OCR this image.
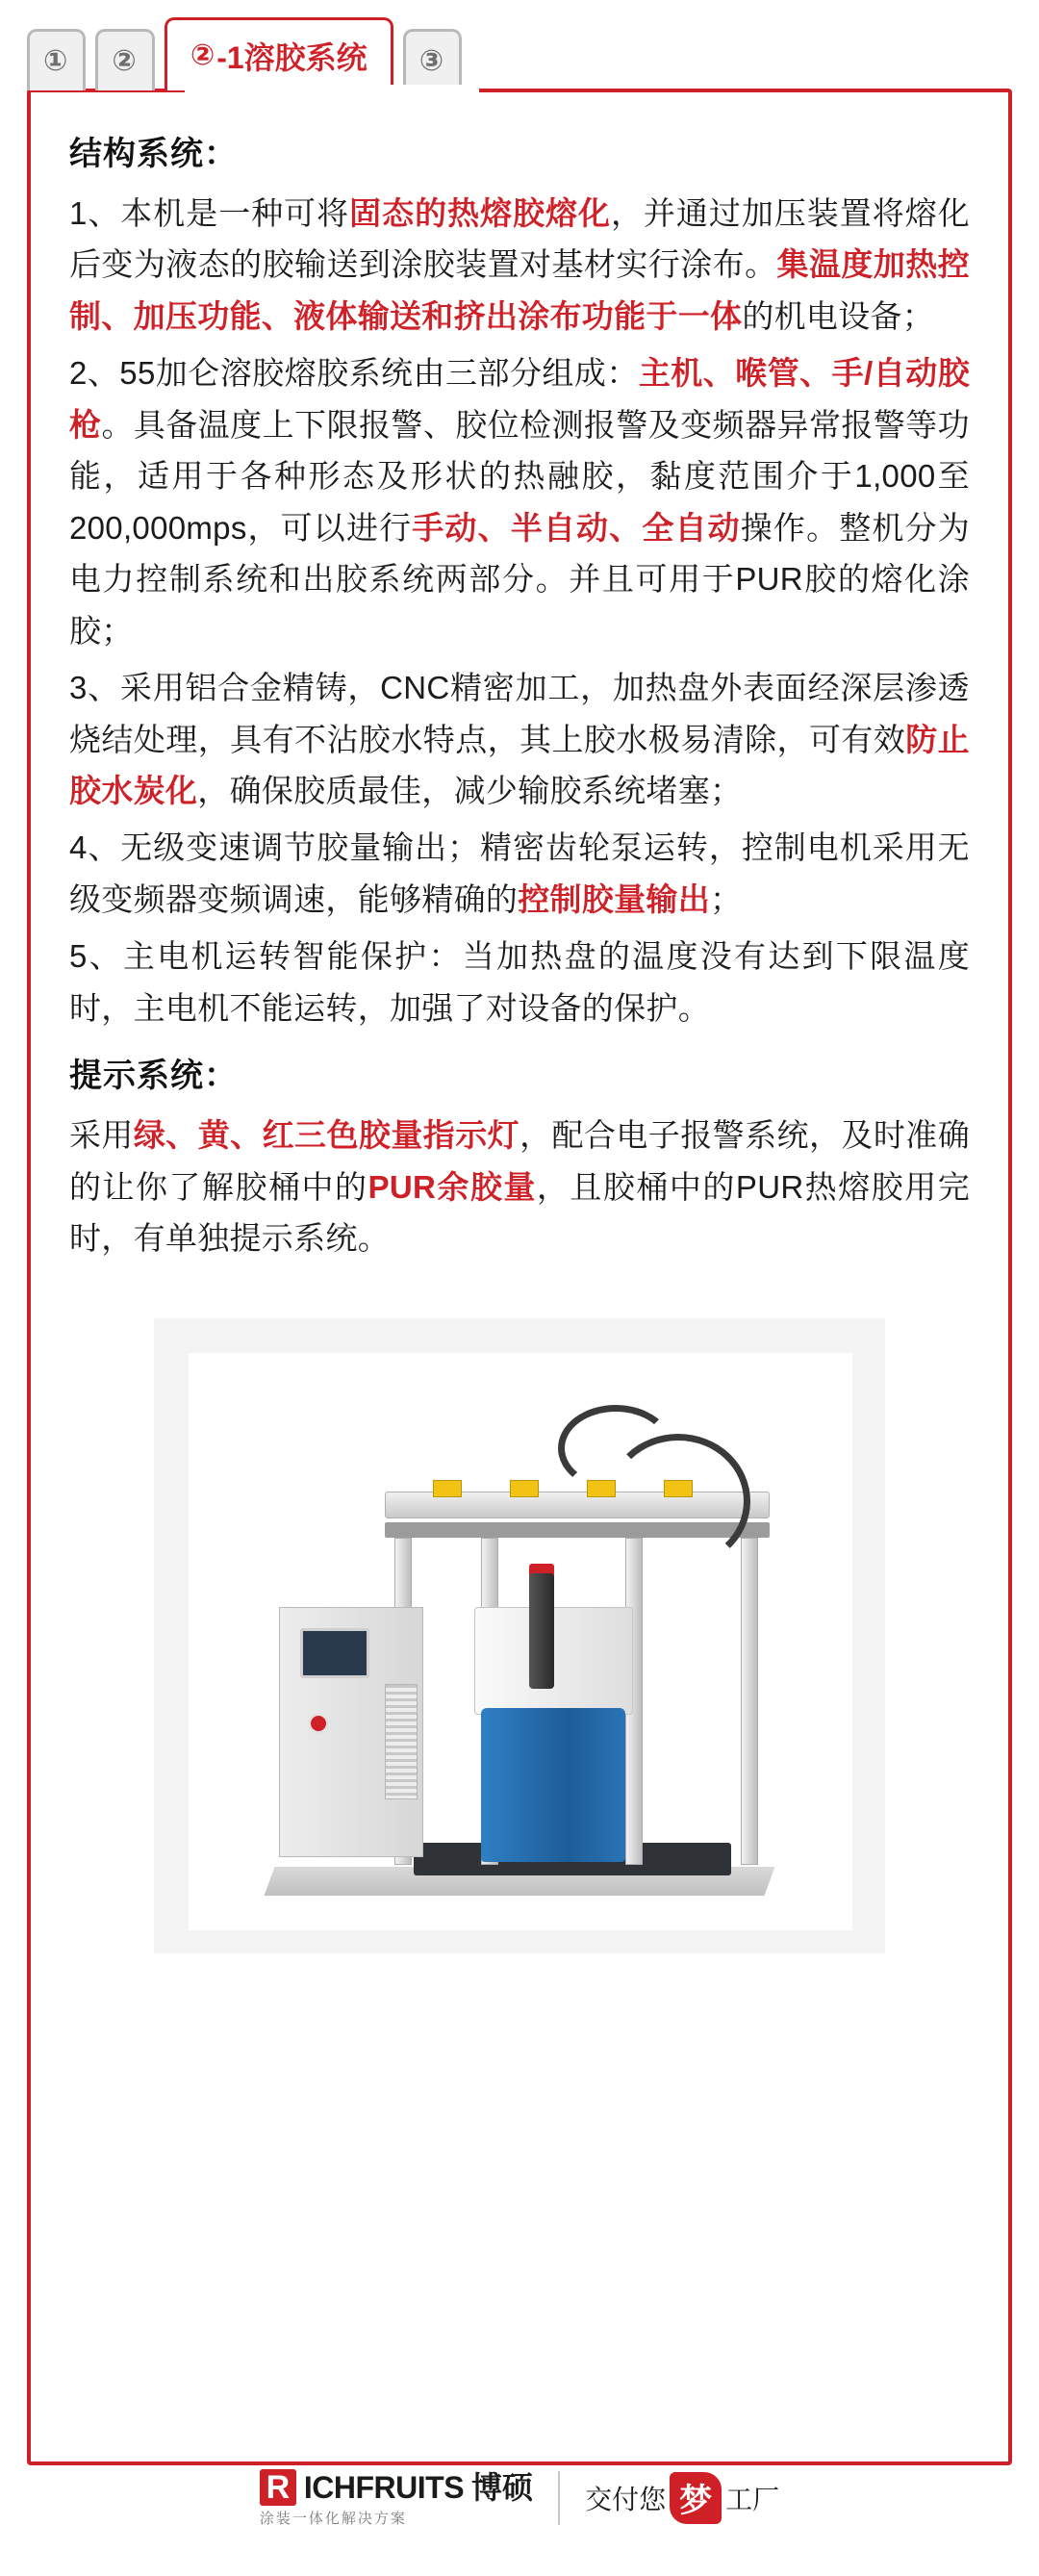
① ② ② -1溶胶系统 ③
结构系统：

1、本机是一种可将固态的热熔胶熔化，并通过加压装置将熔化后变为液态的胶输送到涂胶装置对基材实行涂布。集温度加热控制、加压功能、液体输送和挤出涂布功能于一体的机电设备；

2、55加仑溶胶熔胶系统由三部分组成：主机、喉管、手/自动胶枪。具备温度上下限报警、胶位检测报警及变频器异常报警等功能，适用于各种形态及形状的热融胶，黏度范围介于1,000至200,000mps，可以进行手动、半自动、全自动操作。整机分为电力控制系统和出胶系统两部分。并且可用于PUR胶的熔化涂胶；

3、采用铝合金精铸，CNC精密加工，加热盘外表面经深层渗透烧结处理，具有不沾胶水特点，其上胶水极易清除，可有效防止胶水炭化，确保胶质最佳，减少输胶系统堵塞；

4、无级变速调节胶量输出；精密齿轮泵运转，控制电机采用无级变频器变频调速，能够精确的控制胶量输出；

5、主电机运转智能保护：当加热盘的温度没有达到下限温度时，主电机不能运转，加强了对设备的保护。

提示系统：

采用绿、黄、红三色胶量指示灯，配合电子报警系统，及时准确的让你了解胶桶中的PUR余胶量，且胶桶中的PUR热熔胶用完时，有单独提示系统。

R ICHFRUITS 博硕
涂装一体化解决方案
交付您 梦 工厂
